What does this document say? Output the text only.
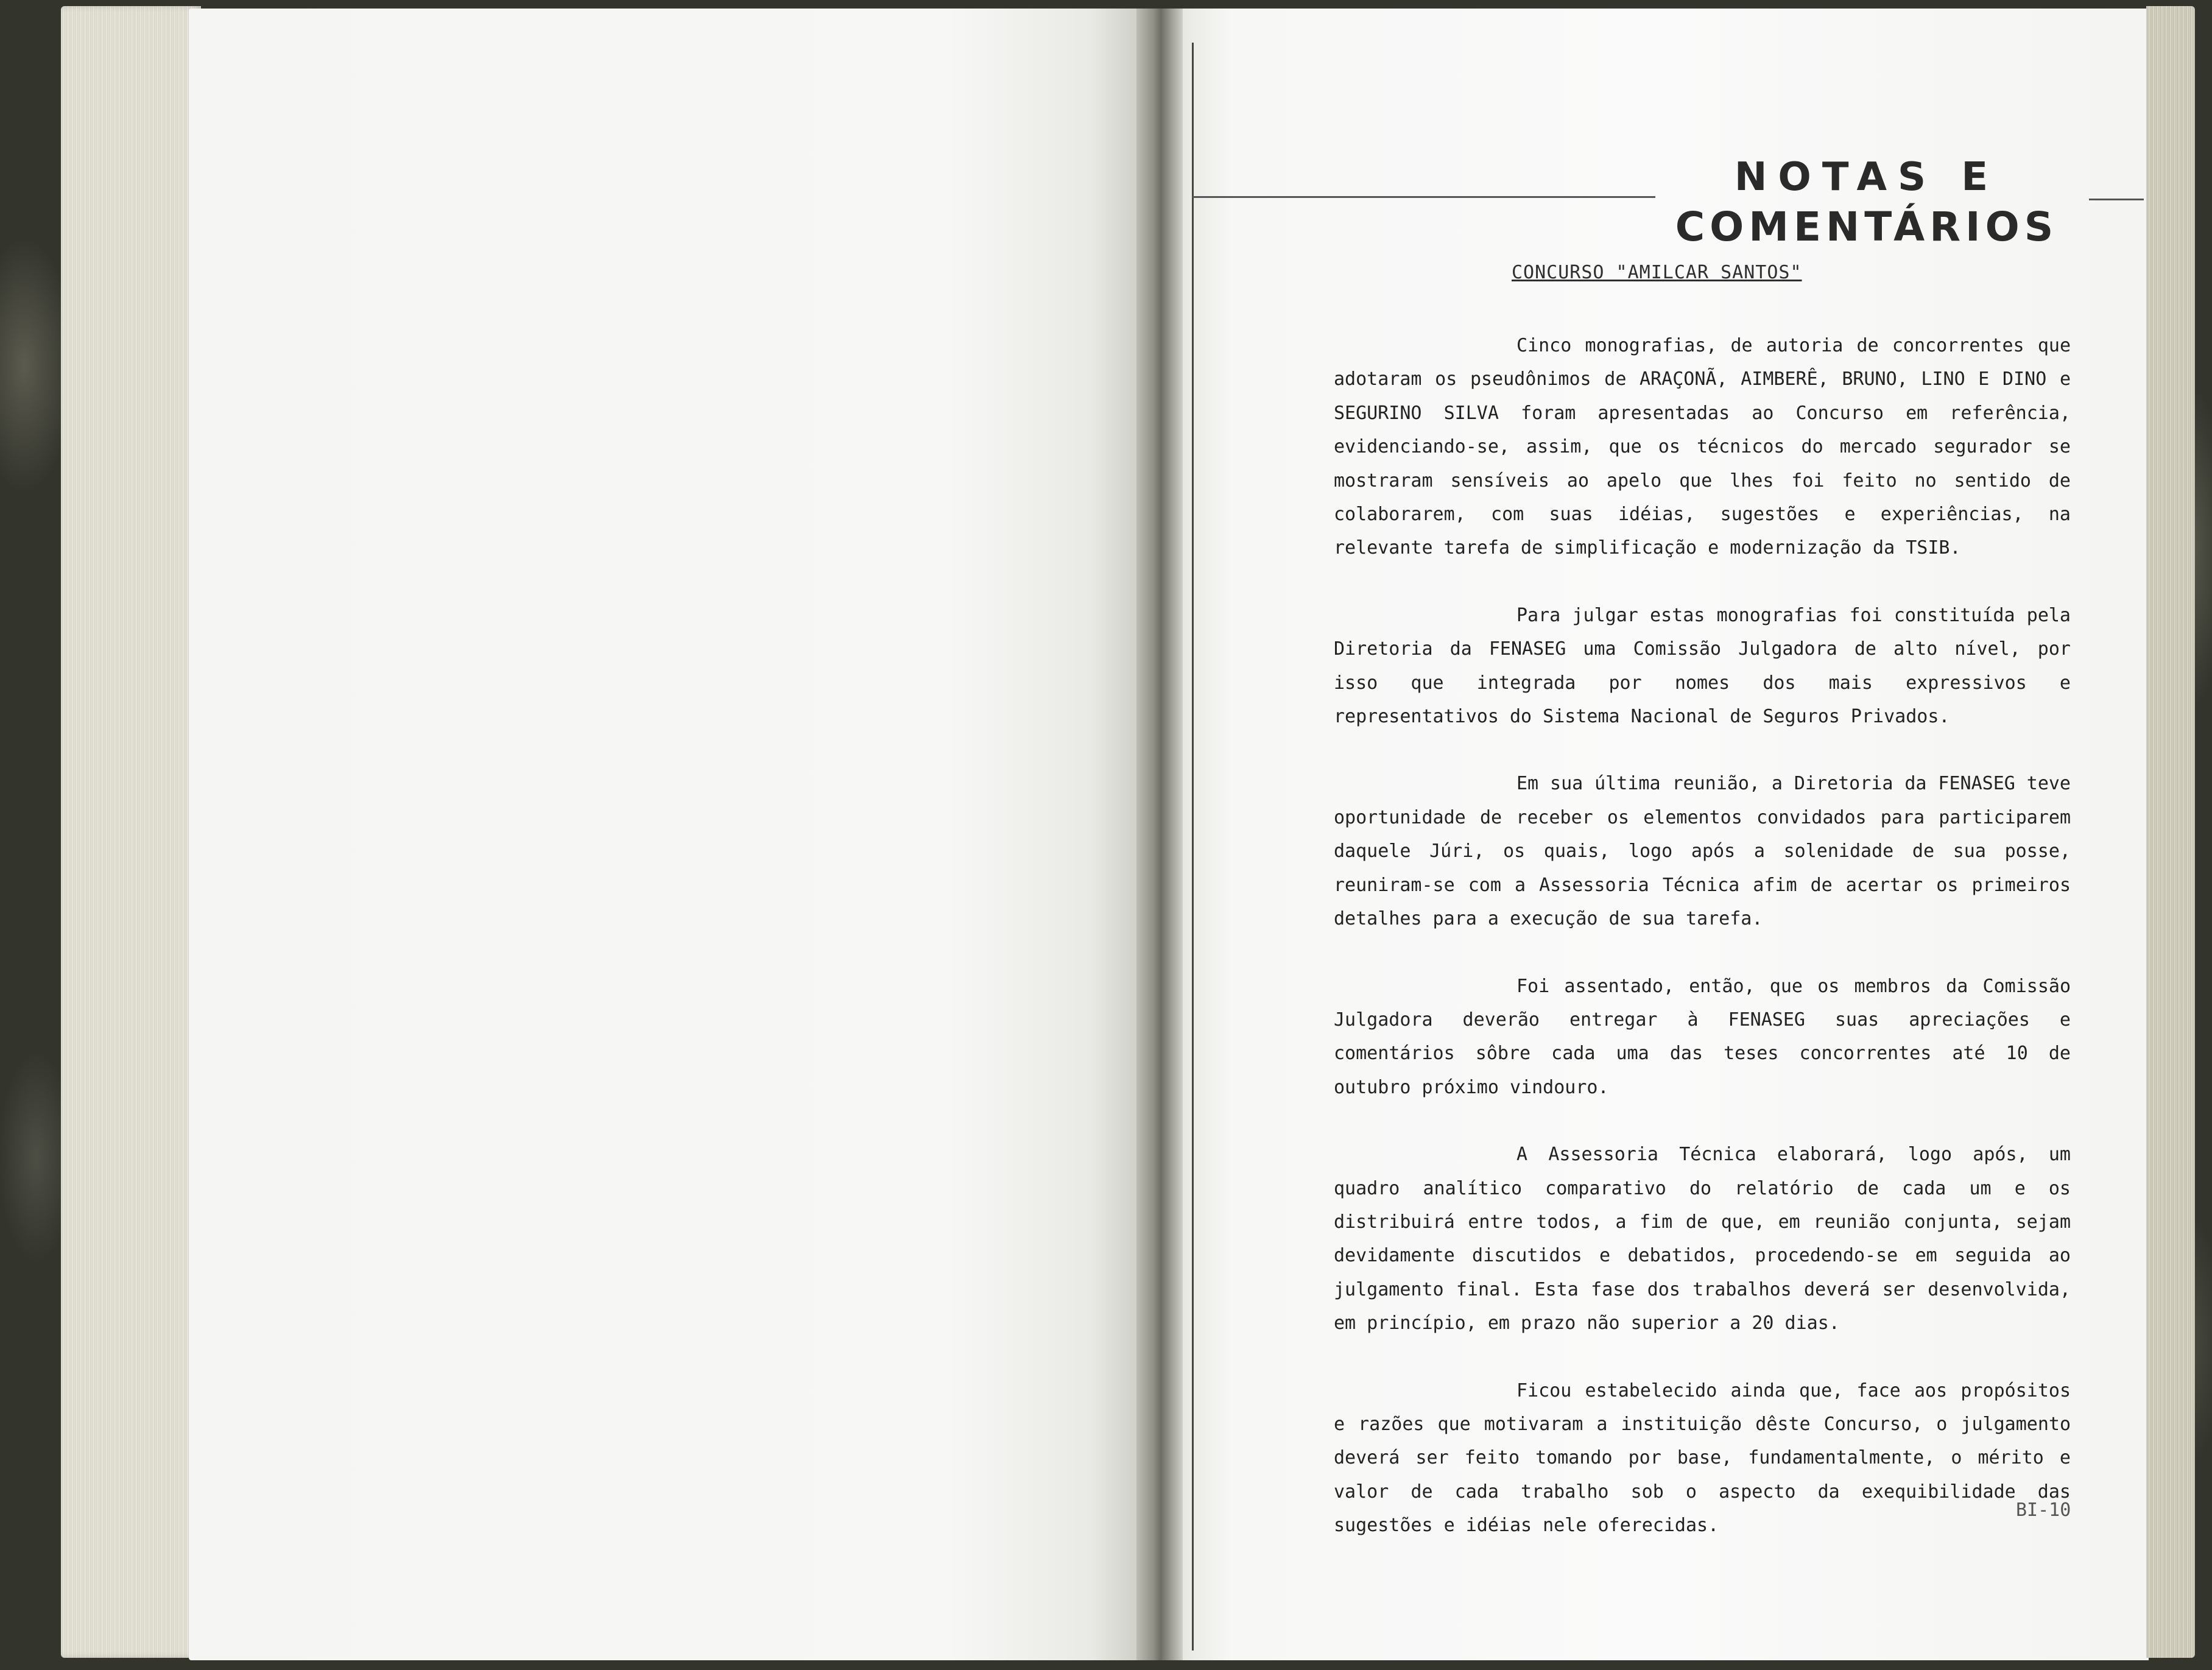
NOTAS E
COMENTÁRIOS
CONCURSO "AMILCAR SANTOS"

Cinco monografias, de autoria de concorrentes que adotaram os pseudônimos de ARAÇONÃ, AIMBERÊ, BRUNO, LINO E DINO e SEGURINO SILVA foram apresentadas ao Concurso em referência, evidenciando-se, assim, que os técnicos do mercado segurador se mostraram sensíveis ao apelo que lhes foi feito no sentido de colaborarem, com suas idéias, sugestões e experiências, na relevante tarefa de simplificação e modernização da TSIB.

Para julgar estas monografias foi constituída pela Diretoria da FENASEG uma Comissão Julgadora de alto nível, por isso que integrada por nomes dos mais expressivos e representativos do Sistema Nacional de Seguros Privados.

Em sua última reunião, a Diretoria da FENASEG teve oportunidade de receber os elementos convidados para participarem daquele Júri, os quais, logo após a solenidade de sua posse, reuniram-se com a Assessoria Técnica afim de acertar os primeiros detalhes para a execução de sua tarefa.

Foi assentado, então, que os membros da Comissão Julgadora deverão entregar à FENASEG suas apreciações e comentários sôbre cada uma das teses concorrentes até 10 de outubro próximo vindouro.

A Assessoria Técnica elaborará, logo após, um quadro analítico comparativo do relatório de cada um e os distribuirá entre todos, a fim de que, em reunião conjunta, sejam devidamente discutidos e debatidos, procedendo-se em seguida ao julgamento final. Esta fase dos trabalhos deverá ser desenvolvida, em princípio, em prazo não superior a 20 dias.

Ficou estabelecido ainda que, face aos propósitos e razões que motivaram a instituição dêste Concurso, o julgamento deverá ser feito tomando por base, fundamentalmente, o mérito e valor de cada trabalho sob o aspecto da exequibilidade das sugestões e idéias nele oferecidas.

BI-10
